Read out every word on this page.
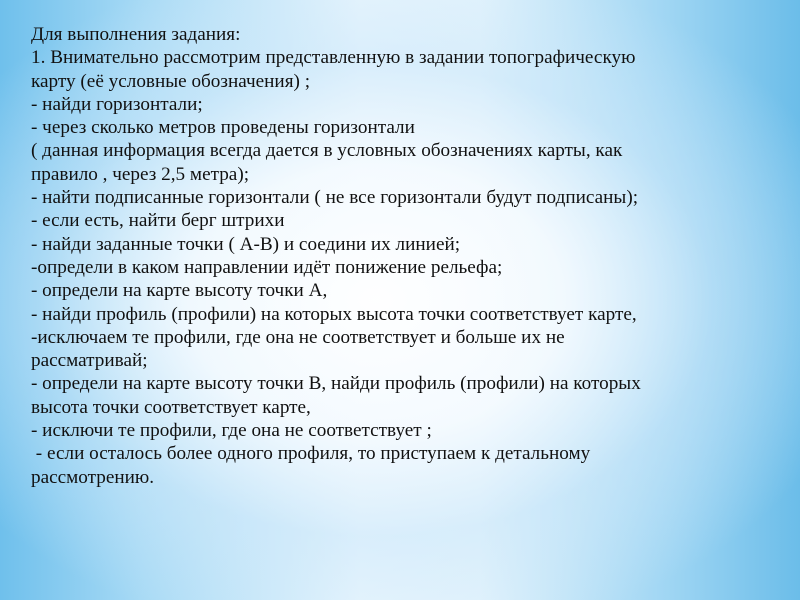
Для выполнения задания:
1. Внимательно рассмотрим представленную в задании топографическую
карту (её условные обозначения) ;
- найди горизонтали;
- через сколько метров проведены горизонтали
( данная информация всегда дается в условных обозначениях карты, как
правило , через 2,5 метра);
- найти подписанные горизонтали ( не все горизонтали будут подписаны);
- если есть, найти берг штрихи
- найди заданные точки ( А-В) и соедини их линией;
-определи в каком направлении идёт понижение рельефа;
- определи на карте высоту точки А,
- найди профиль (профили) на которых высота точки соответствует карте,
-исключаем те профили, где она не соответствует и больше их не
рассматривай;
- определи на карте высоту точки В, найди профиль (профили) на которых
высота точки соответствует карте,
- исключи те профили, где она не соответствует ;
- если осталось более одного профиля, то приступаем к детальному
рассмотрению.
